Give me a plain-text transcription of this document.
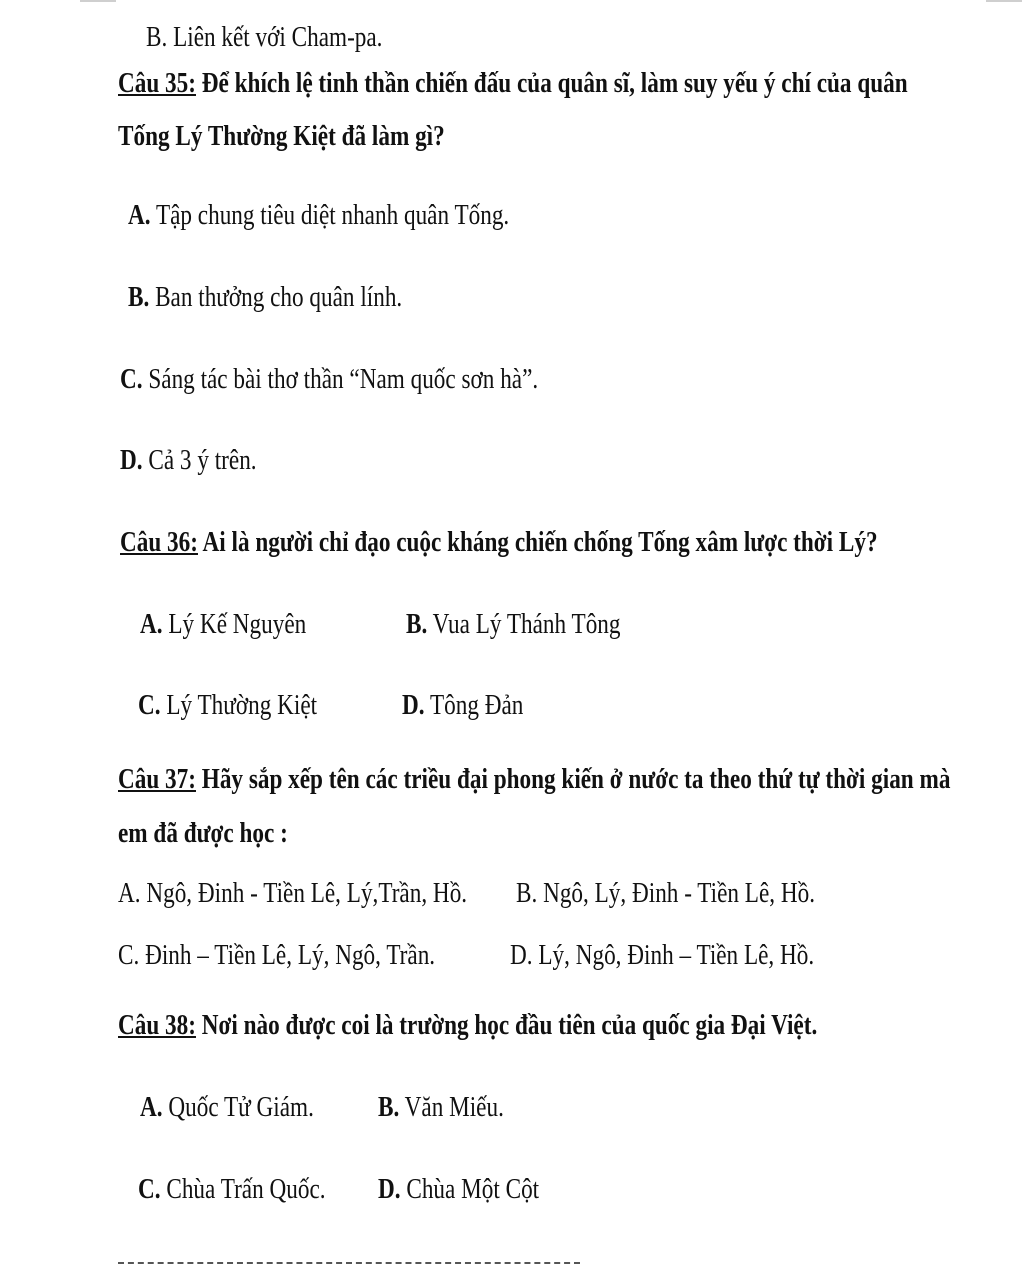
B. Liên kết với Cham-pa.
Câu 35: Để khích lệ tinh thần chiến đấu của quân sĩ, làm suy yếu ý chí của quân
Tống Lý Thường Kiệt đã làm gì?
A. Tập chung tiêu diệt nhanh quân Tống.
B. Ban thưởng cho quân lính.
C. Sáng tác bài thơ thần “Nam quốc sơn hà”.
D. Cả 3 ý trên.
Câu 36: Ai là người chỉ đạo cuộc kháng chiến chống Tống xâm lược thời Lý?
A. Lý Kế Nguyên	B. Vua Lý Thánh Tông
C. Lý Thường Kiệt	D. Tông Đản
Câu 37: Hãy sắp xếp tên các triều đại phong kiến ở nước ta theo thứ tự thời gian mà
em đã được học :
A. Ngô, Đinh - Tiền Lê, Lý,Trần, Hồ. B. Ngô, Lý, Đinh - Tiền Lê, Hồ.
C. Đinh – Tiền Lê, Lý, Ngô, Trần.	D. Lý, Ngô, Đinh – Tiền Lê, Hồ.
Câu 38: Nơi nào được coi là trường học đầu tiên của quốc gia Đại Việt.
A. Quốc Tử Giám. B. Văn Miếu.
C. Chùa Trấn Quốc. D. Chùa Một Cột
